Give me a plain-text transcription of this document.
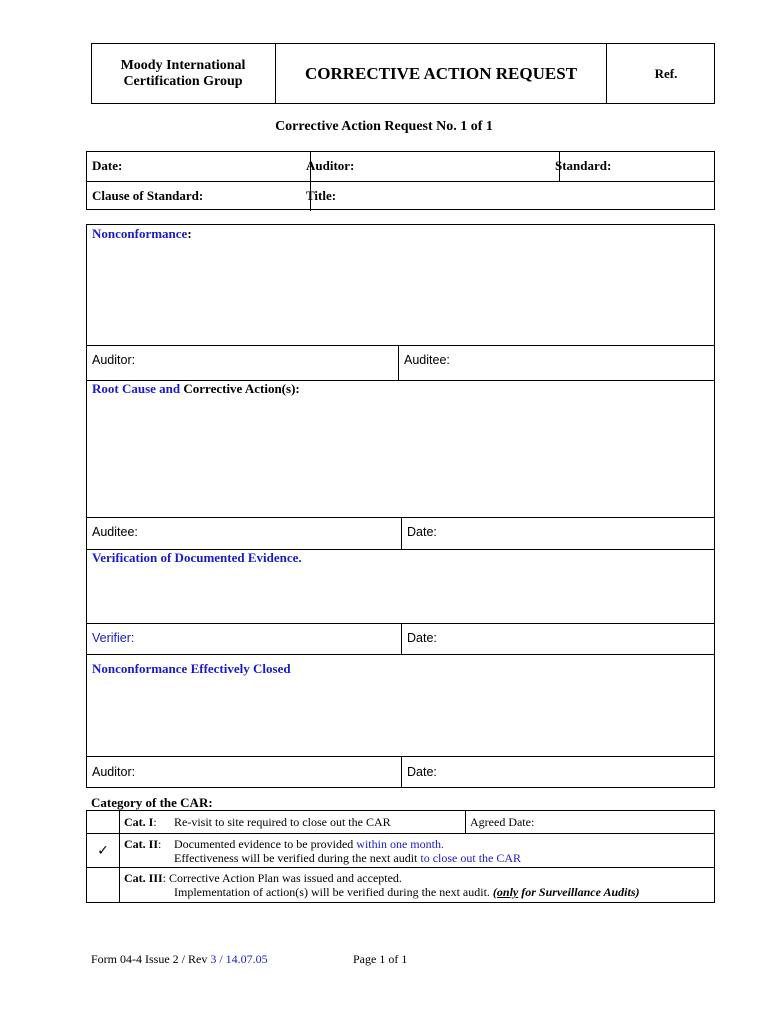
Moody International
Certification Group	CORRECTIVE ACTION REQUEST	Ref.
Corrective Action Request No. 1 of 1
Date:	Auditor:	Standard:
Clause of Standard:	Title:
Nonconformance:
Auditor:	Auditee:
Root Cause and Corrective Action(s):
Auditee:	Date:
Verification of Documented Evidence.
Verifier:	Date:
Nonconformance Effectively Closed
Auditor:	Date:
Category of the CAR:
Cat. I: Re-visit to site required to close out the CAR	Agreed Date:
✓ Cat. II: Documented evidence to be provided within one month.
Effectiveness will be verified during the next audit to close out the CAR
Cat. III: Corrective Action Plan was issued and accepted.
Implementation of action(s) will be verified during the next audit. (only for Surveillance Audits)
Form 04-4 Issue 2 / Rev 3 / 14.07.05	Page 1 of 1
